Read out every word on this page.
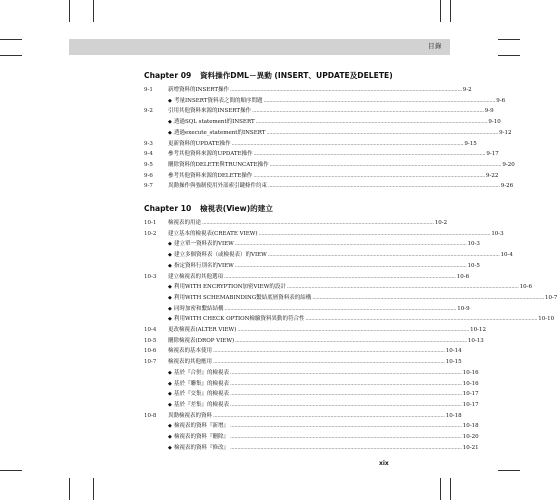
目錄
Chapter 09 資料操作DML－異動 (INSERT、UPDATE及DELETE)
Chapter 10 檢視表(View)的建立
9-1	新增資料的INSERT操作 ................................................................................................................................................................ 9-2
◆ 考量INSERT資料表之間的順序問題 ................................................................................................................................................................ 9-6
9-2	引用其他資料來源的INSERT操作 ................................................................................................................................................................ 9-9
◆ 透過SQL statement的INSERT ................................................................................................................................................................ 9-10
◆ 透過execute_statement的INSERT ................................................................................................................................................................ 9-12
9-3	更新資料的UPDATE操作 ................................................................................................................................................................ 9-15
9-4	參考其他資料來源的UPDATE操作 ................................................................................................................................................................ 9-17
9-5	刪除資料的DELETE與TRUNCATE操作 ................................................................................................................................................................ 9-20
9-6	參考其他資料來源的DELETE操作 ................................................................................................................................................................ 9-22
9-7	異動操作與強制使用外部索引鍵條件約束 ................................................................................................................................................................ 9-26
10-1	檢視表的用途 ................................................................................................................................................................ 10-2
10-2	建立基本的檢視表(CREATE VIEW) ................................................................................................................................................................ 10-3
◆ 建立單一資料表的VIEW ................................................................................................................................................................ 10-3
◆ 建立多個資料表（或檢視表）的VIEW ................................................................................................................................................................ 10-4
◆ 指定資料行別名的VIEW ................................................................................................................................................................ 10-5
10-3	建立檢視表的其他選項 ................................................................................................................................................................ 10-6
◆ 利用WITH ENCRYPTION加密VIEW的設計 ................................................................................................................................................................ 10-6
◆ 利用WITH SCHEMABINDING繫結底層資料表的結構 ................................................................................................................................................................ 10-7
◆ 同時加密和繫結結構 ................................................................................................................................................................ 10-9
◆ 利用WITH CHECK OPTION檢驗資料異動的符合性 ................................................................................................................................................................ 10-10
10-4	更改檢視表(ALTER VIEW) ................................................................................................................................................................ 10-12
10-5	刪除檢視表(DROP VIEW) ................................................................................................................................................................ 10-13
10-6	檢視表的基本使用 ................................................................................................................................................................ 10-14
10-7	檢視表的其他應用 ................................................................................................................................................................ 10-15
◆ 基於『合併』的檢視表 ................................................................................................................................................................ 10-16
◆ 基於『聯集』的檢視表 ................................................................................................................................................................ 10-16
◆ 基於『交集』的檢視表 ................................................................................................................................................................ 10-17
◆ 基於『差集』的檢視表 ................................................................................................................................................................ 10-17
10-8	異動檢視表的資料 ................................................................................................................................................................ 10-18
◆ 檢視表的資料『新增』 ................................................................................................................................................................ 10-18
◆ 檢視表的資料『刪除』 ................................................................................................................................................................ 10-20
◆ 檢視表的資料『修改』 ................................................................................................................................................................ 10-21
xix
